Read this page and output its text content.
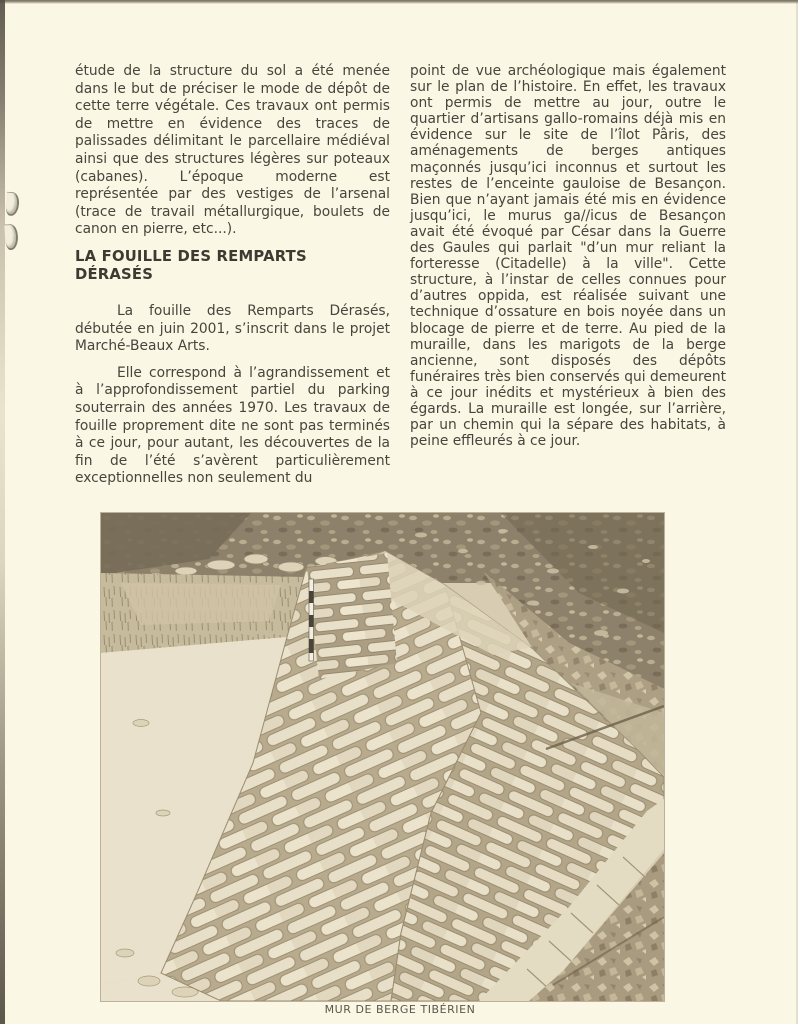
étude de la structure du sol a été menée dans le but de préciser le mode de dépôt de cette terre végétale. Ces travaux ont permis de mettre en évidence des traces de palissades délimitant le parcellaire médiéval ainsi que des structures légères sur poteaux (cabanes). L’époque moderne est représentée par des vestiges de l’arsenal (trace de travail métallurgique, boulets de canon en pierre, etc...).

LA FOUILLE DES REMPARTS DÉRASÉS

La fouille des Remparts Dérasés, débutée en juin 2001, s’inscrit dans le projet Marché-Beaux Arts.

Elle correspond à l’agrandissement et à l’approfondissement partiel du parking souterrain des années 1970. Les travaux de fouille proprement dite ne sont pas terminés à ce jour, pour autant, les découvertes de la fin de l’été s’avèrent particulièrement exceptionnelles non seulement du

point de vue archéologique mais également sur le plan de l’histoire. En effet, les travaux ont permis de mettre au jour, outre le quartier d’artisans gallo-romains déjà mis en évidence sur le site de l’îlot Pâris, des aménagements de berges antiques maçonnés jusqu’ici inconnus et surtout les restes de l’enceinte gauloise de Besançon. Bien que n’ayant jamais été mis en évidence jusqu’ici, le murus ga//icus de Besançon avait été évoqué par César dans la Guerre des Gaules qui parlait "d’un mur reliant la forteresse (Citadelle) à la ville". Cette structure, à l’instar de celles connues pour d’autres oppida, est réalisée suivant une technique d’ossature en bois noyée dans un blocage de pierre et de terre. Au pied de la muraille, dans les marigots de la berge ancienne, sont disposés des dépôts funéraires très bien conservés qui demeurent à ce jour inédits et mystérieux à bien des égards. La muraille est longée, sur l’arrière, par un chemin qui la sépare des habitats, à peine effleurés à ce jour.

MUR DE BERGE TIBÉRIEN
